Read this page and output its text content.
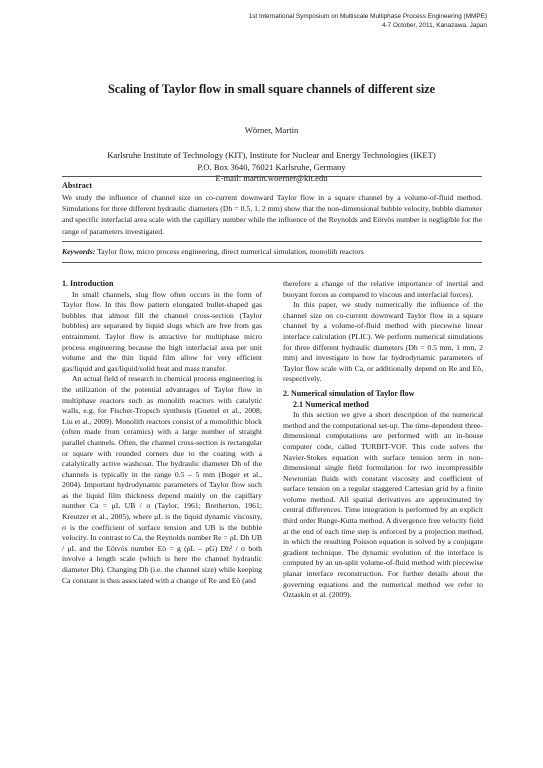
1st International Symposium on Multiscale Multiphase Process Engineering (MMPE)
4-7 October, 2011, Kanazawa, Japan
Scaling of Taylor flow in small square channels of different size
Wörner, Martin
Karlsruhe Institute of Technology (KIT), Institute for Nuclear and Energy Technologies (IKET)
P.O. Box 3640, 76021 Karlsruhe, Germany
E-mail: martin.woerner@kit.edu
Abstract
We study the influence of channel size on co-current downward Taylor flow in a square channel by a volume-of-fluid method. Simulations for three different hydraulic diameters (Dh = 0.5, 1, 2 mm) show that the non-dimensional bubble velocity, bubble diameter and specific interfacial area scale with the capillary number while the influence of the Reynolds and Eötvös number is negligible for the range of parameters investigated.
Keywords: Taylor flow, micro process engineering, direct numerical simulation, monolith reactors

1. Introduction

In small channels, slug flow often occurs in the form of Taylor flow. In this flow pattern elongated bullet-shaped gas bubbles that almost fill the channel cross-section (Taylor bubbles) are separated by liquid slugs which are free from gas entrainment. Taylor flow is attractive for multiphase micro process engineering because the high interfacial area per unit volume and the thin liquid film allow for very efficient gas/liquid and gas/liquid/solid heat and mass transfer.

An actual field of research in chemical process engineering is the utilization of the potential advantages of Taylor flow in multiphase reactors such as monolith reactors with catalytic walls, e.g. for Fischer-Tropsch synthesis (Guettel et al., 2008; Liu et al., 2009). Monolith reactors consist of a monolithic block (often made from ceramics) with a large number of straight parallel channels. Often, the channel cross-section is rectangular or square with rounded corners due to the coating with a catalytically active washcoat. The hydraulic diameter Dh of the channels is typically in the range 0.5 – 5 mm (Boger et al., 2004). Important hydrodynamic parameters of Taylor flow such as the liquid film thickness depend mainly on the capillary number Ca = μL UB / σ (Taylor, 1961; Bretherton, 1961; Kreutzer et al., 2005), where μL is the liquid dynamic viscosity, σ is the coefficient of surface tension and UB is the bubble velocity. In contrast to Ca, the Reynolds number Re = ρL Dh UB / μL and the Eötvös number Eö = g (ρL – ρG) Dh² / σ both involve a length scale (which is here the channel hydraulic diameter Dh). Changing Dh (i.e. the channel size) while keeping Ca constant is thus associated with a change of Re and Eö (and

therefore a change of the relative importance of inertial and buoyant forces as compared to viscous and interfacial forces).

In this paper, we study numerically the influence of the channel size on co-current downward Taylor flow in a square channel by a volume-of-fluid method with piecewise linear interface calculation (PLIC). We perform numerical simulations for three different hydraulic diameters (Dh = 0.5 mm, 1 mm, 2 mm) and investigate in how far hydrodynamic parameters of Taylor flow scale with Ca, or additionally depend on Re and Eö, respectively.

2. Numerical simulation of Taylor flow

2.1 Numerical method

In this section we give a short description of the numerical method and the computational set-up. The time-dependent three-dimensional computations are performed with an in-house computer code, called TURBIT-VOF. This code solves the Navier-Stokes equation with surface tension term in non-dimensional single field formulation for two incompressible Newtonian fluids with constant viscosity and coefficient of surface tension on a regular staggered Cartesian grid by a finite volume method. All spatial derivatives are approximated by central differences. Time integration is performed by an explicit third order Runge-Kutta method. A divergence free velocity field at the end of each time step is enforced by a projection method, in which the resulting Poisson equation is solved by a conjugate gradient technique. The dynamic evolution of the interface is computed by an un-split volume-of-fluid method with piecewise planar interface reconstruction. For further details about the governing equations and the numerical method we refer to Öztaskin et al. (2009).
